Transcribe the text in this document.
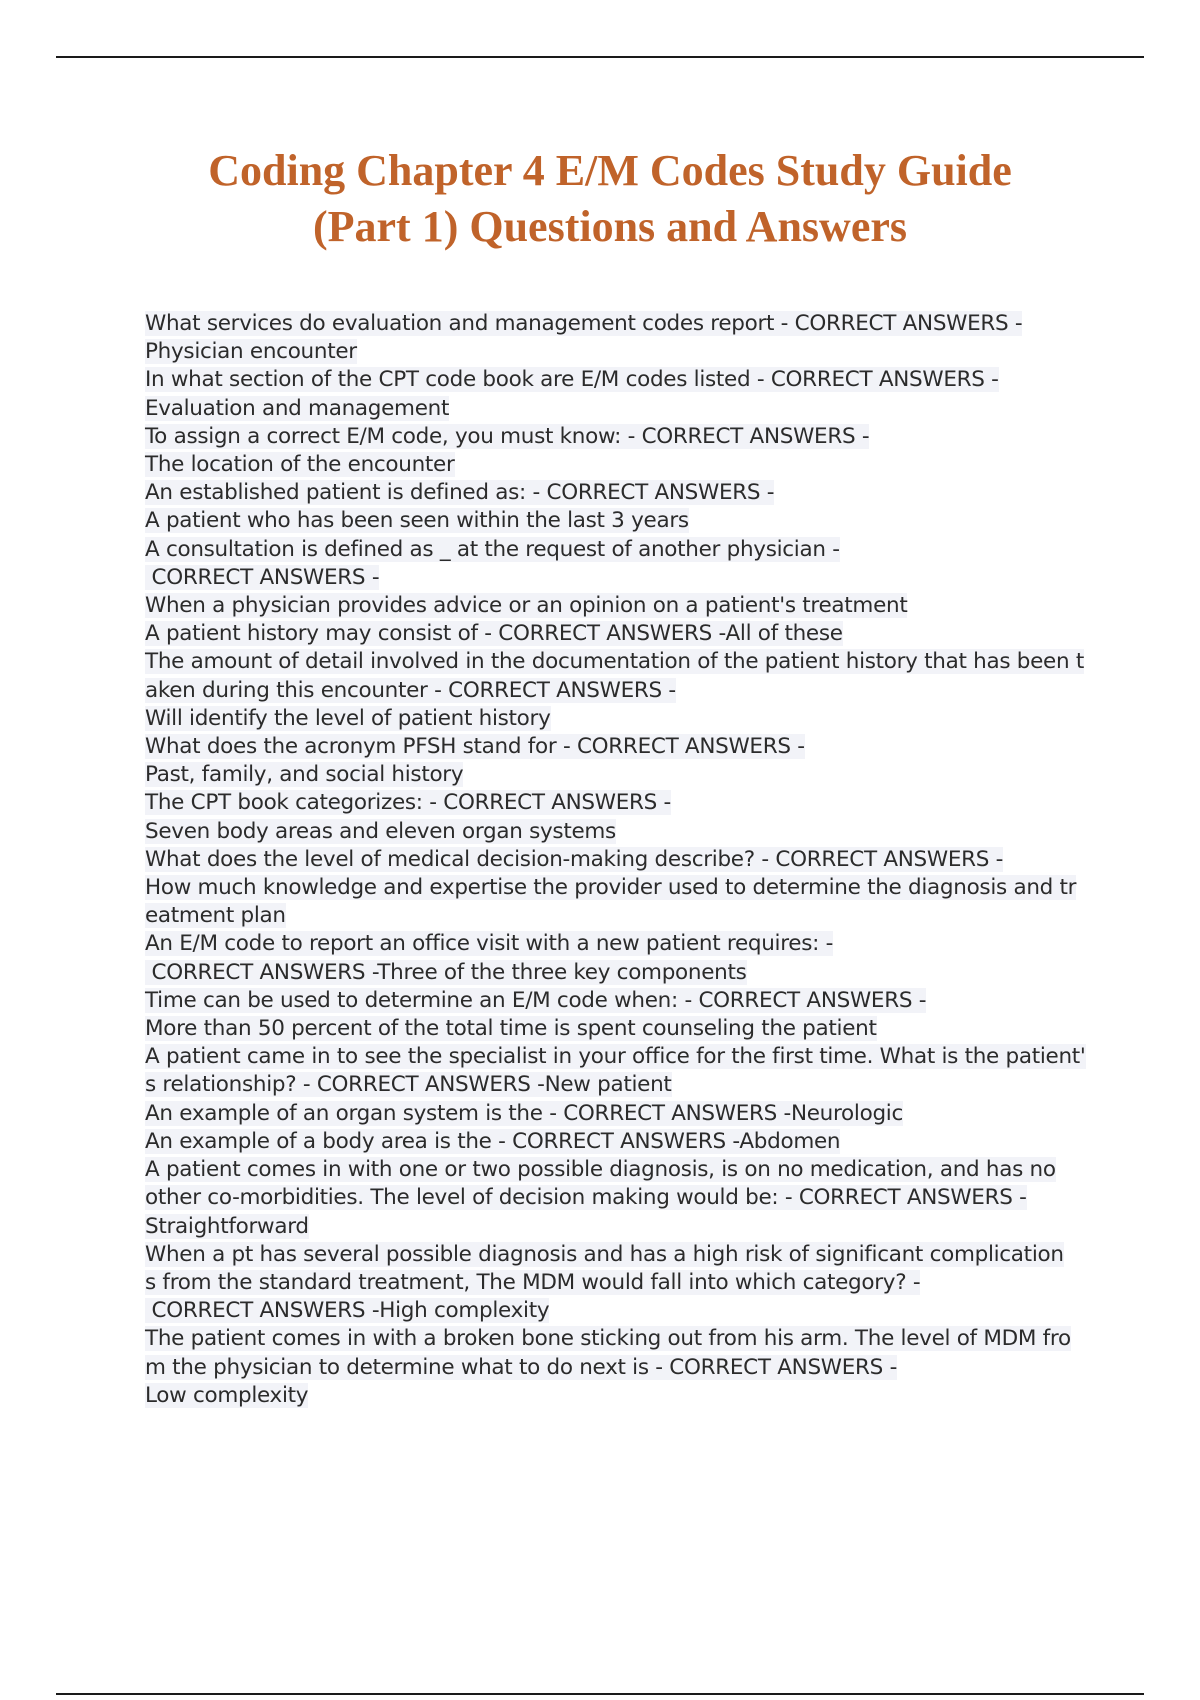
Coding Chapter 4 E/M Codes Study Guide
(Part 1) Questions and Answers
What services do evaluation and management codes report - CORRECT ANSWERS -
Physician encounter
In what section of the CPT code book are E/M codes listed - CORRECT ANSWERS -
Evaluation and management
To assign a correct E/M code, you must know: - CORRECT ANSWERS -
The location of the encounter
An established patient is defined as: - CORRECT ANSWERS -
A patient who has been seen within the last 3 years
A consultation is defined as _ at the request of another physician -
CORRECT ANSWERS -
When a physician provides advice or an opinion on a patient's treatment
A patient history may consist of - CORRECT ANSWERS -All of these
The amount of detail involved in the documentation of the patient history that has been t
aken during this encounter - CORRECT ANSWERS -
Will identify the level of patient history
What does the acronym PFSH stand for - CORRECT ANSWERS -
Past, family, and social history
The CPT book categorizes: - CORRECT ANSWERS -
Seven body areas and eleven organ systems
What does the level of medical decision-making describe? - CORRECT ANSWERS -
How much knowledge and expertise the provider used to determine the diagnosis and tr
eatment plan
An E/M code to report an office visit with a new patient requires: -
CORRECT ANSWERS -Three of the three key components
Time can be used to determine an E/M code when: - CORRECT ANSWERS -
More than 50 percent of the total time is spent counseling the patient
A patient came in to see the specialist in your office for the first time. What is the patient'
s relationship? - CORRECT ANSWERS -New patient
An example of an organ system is the - CORRECT ANSWERS -Neurologic
An example of a body area is the - CORRECT ANSWERS -Abdomen
A patient comes in with one or two possible diagnosis, is on no medication, and has no
other co-morbidities. The level of decision making would be: - CORRECT ANSWERS -
Straightforward
When a pt has several possible diagnosis and has a high risk of significant complication
s from the standard treatment, The MDM would fall into which category? -
CORRECT ANSWERS -High complexity
The patient comes in with a broken bone sticking out from his arm. The level of MDM fro
m the physician to determine what to do next is - CORRECT ANSWERS -
Low complexity
